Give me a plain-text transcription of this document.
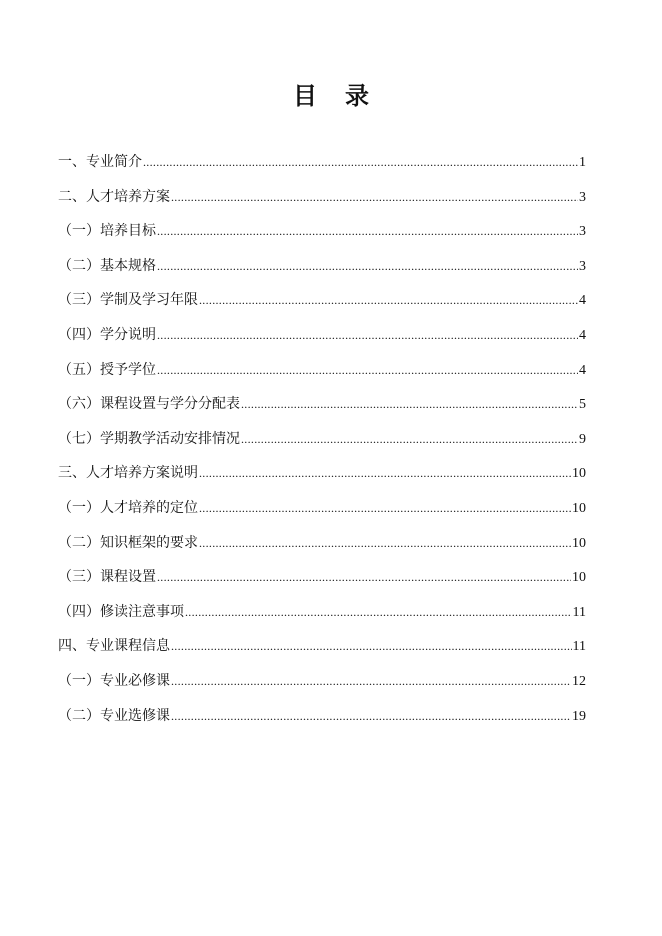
目 录
一、专业简介 .....	1
二、人才培养方案 .....	3
（一）培养目标 .....	3
（二）基本规格 .....	3
（三）学制及学习年限 .....	4
（四）学分说明 .....	4
（五）授予学位 .....	4
（六）课程设置与学分分配表 .....	5
（七）学期教学活动安排情况 .....	9
三、人才培养方案说明 .....	10
（一）人才培养的定位 .....	10
（二）知识框架的要求 .....	10
（三）课程设置 .....	10
（四）修读注意事项 .....	11
四、专业课程信息 .....	11
（一）专业必修课 .....	12
（二）专业选修课 .....	19
